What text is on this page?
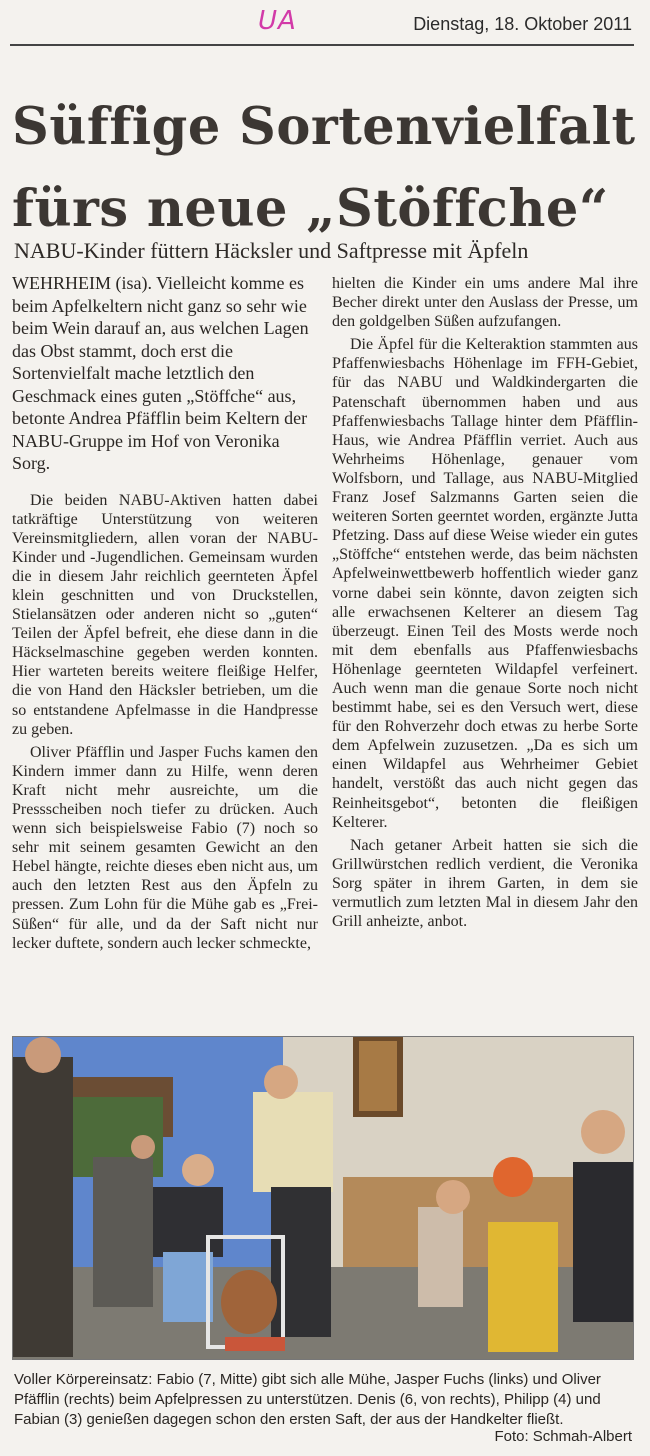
UA	Dienstag, 18. Oktober 2011
Süffige Sortenvielfalt
fürs neue „Stöffche“
NABU-Kinder füttern Häcksler und Saftpresse mit Äpfeln

WEHRHEIM (isa). Vielleicht komme es beim Apfelkeltern nicht ganz so sehr wie beim Wein darauf an, aus welchen Lagen das Obst stammt, doch erst die Sortenvielfalt mache letztlich den Geschmack eines guten „Stöffche“ aus, betonte Andrea Pfäfflin beim Keltern der NABU-Gruppe im Hof von Veronika Sorg.

Die beiden NABU-Aktiven hatten dabei tatkräftige Unterstützung von weiteren Vereinsmitgliedern, allen voran der NABU-Kinder und -Jugendlichen. Gemeinsam wurden die in diesem Jahr reichlich geernteten Äpfel klein geschnitten und von Druckstellen, Stielansätzen oder anderen nicht so „guten“ Teilen der Äpfel befreit, ehe diese dann in die Häckselmaschine gegeben werden konnten. Hier warteten bereits weitere fleißige Helfer, die von Hand den Häcksler betrieben, um die so entstandene Apfelmasse in die Handpresse zu geben.

Oliver Pfäfflin und Jasper Fuchs kamen den Kindern immer dann zu Hilfe, wenn deren Kraft nicht mehr ausreichte, um die Pressscheiben noch tiefer zu drücken. Auch wenn sich beispielsweise Fabio (7) noch so sehr mit seinem gesamten Gewicht an den Hebel hängte, reichte dieses eben nicht aus, um auch den letzten Rest aus den Äpfeln zu pressen. Zum Lohn für die Mühe gab es „Frei-Süßen“ für alle, und da der Saft nicht nur lecker duftete, sondern auch lecker schmeckte,

hielten die Kinder ein ums andere Mal ihre Becher direkt unter den Auslass der Presse, um den goldgelben Süßen aufzufangen.

Die Äpfel für die Kelteraktion stammten aus Pfaffenwiesbachs Höhenlage im FFH-Gebiet, für das NABU und Waldkindergarten die Patenschaft übernommen haben und aus Pfaffenwiesbachs Tallage hinter dem Pfäfflin-Haus, wie Andrea Pfäfflin verriet. Auch aus Wehrheims Höhenlage, genauer vom Wolfsborn, und Tallage, aus NABU-Mitglied Franz Josef Salzmanns Garten seien die weiteren Sorten geerntet worden, ergänzte Jutta Pfetzing. Dass auf diese Weise wieder ein gutes „Stöffche“ entstehen werde, das beim nächsten Apfelweinwettbewerb hoffentlich wieder ganz vorne dabei sein könnte, davon zeigten sich alle erwachsenen Kelterer an diesem Tag überzeugt. Einen Teil des Mosts werde noch mit dem ebenfalls aus Pfaffenwiesbachs Höhenlage geernteten Wildapfel verfeinert. Auch wenn man die genaue Sorte noch nicht bestimmt habe, sei es den Versuch wert, diese für den Rohverzehr doch etwas zu herbe Sorte dem Apfelwein zuzusetzen. „Da es sich um einen Wildapfel aus Wehrheimer Gebiet handelt, verstößt das auch nicht gegen das Reinheitsgebot“, betonten die fleißigen Kelterer.

Nach getaner Arbeit hatten sie sich die Grillwürstchen redlich verdient, die Veronika Sorg später in ihrem Garten, in dem sie vermutlich zum letzten Mal in diesem Jahr den Grill anheizte, anbot.

Voller Körpereinsatz: Fabio (7, Mitte) gibt sich alle Mühe, Jasper Fuchs (links) und Oliver Pfäfflin (rechts) beim Apfelpressen zu unterstützen. Denis (6, von rechts), Philipp (4) und Fabian (3) genießen dagegen schon den ersten Saft, der aus der Handkelter fließt.
Foto: Schmah-Albert
